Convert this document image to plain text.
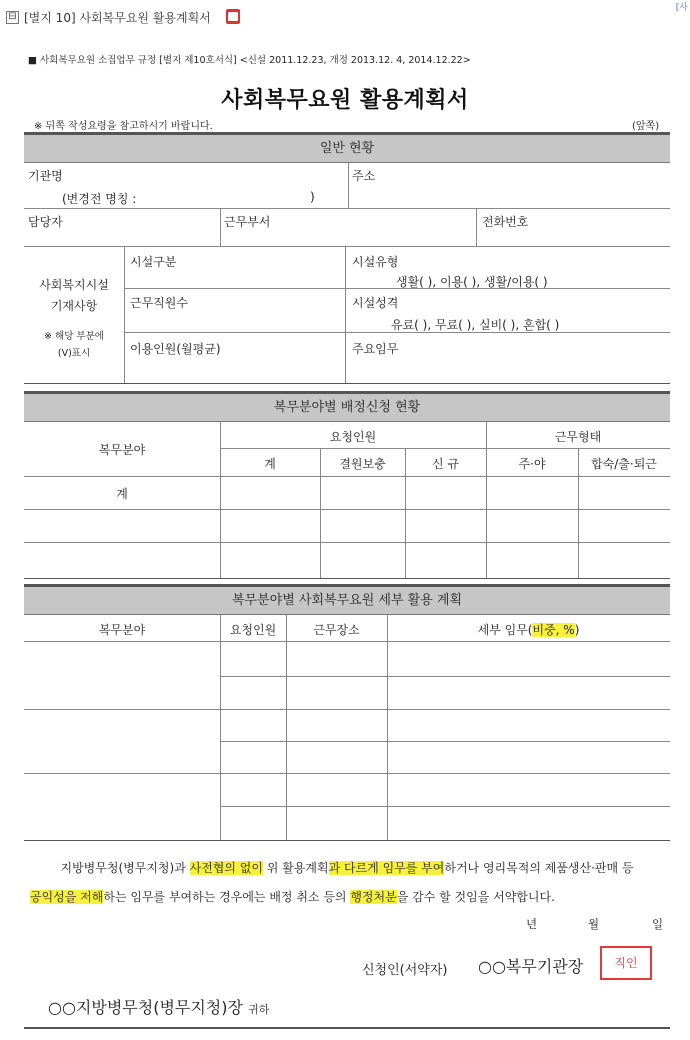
⊟ [별지 10] 사회복무요원 활용계획서
[사
■ 사회복무요원 소집업무 규정 [별지 제10호서식] <신설 2011.12.23, 개정 2013.12. 4, 2014.12.22>
사회복무요원 활용계획서
※ 뒤쪽 작성요령을 참고하시기 바랍니다.	(앞쪽)
일반 현황
기관명
(변경전 명칭 :	)
주소
담당자	근무부서	전화번호
사회복지시설
기재사항
※ 해당 부분에
(V)표시
시설구분	시설유형
생활( ), 이용( ), 생활/이용( )
근무직원수	시설성격
유료( ), 무료( ), 실비( ), 혼합( )
이용인원(월평균)	주요임무
복무분야별 배정신청 현황
복무분야
요청인원	근무형태
계	결원보충	신 규	주·야	합숙/출·퇴근
계
복무분야별 사회복무요원 세부 활용 계획
복무분야	요청인원	근무장소	세부 임무(비중, %)
지방병무청(병무지청)과 사전협의 없이 위 활용계획과 다르게 임무를 부여하거나 영리목적의 제품생산·판매 등
공익성을 저해하는 임무를 부여하는 경우에는 배정 취소 등의 행정처분을 감수 할 것임을 서약합니다.
년	월	일
신청인(서약자) ○○복무기관장	직인
○○지방병무청(병무지청)장 귀하
